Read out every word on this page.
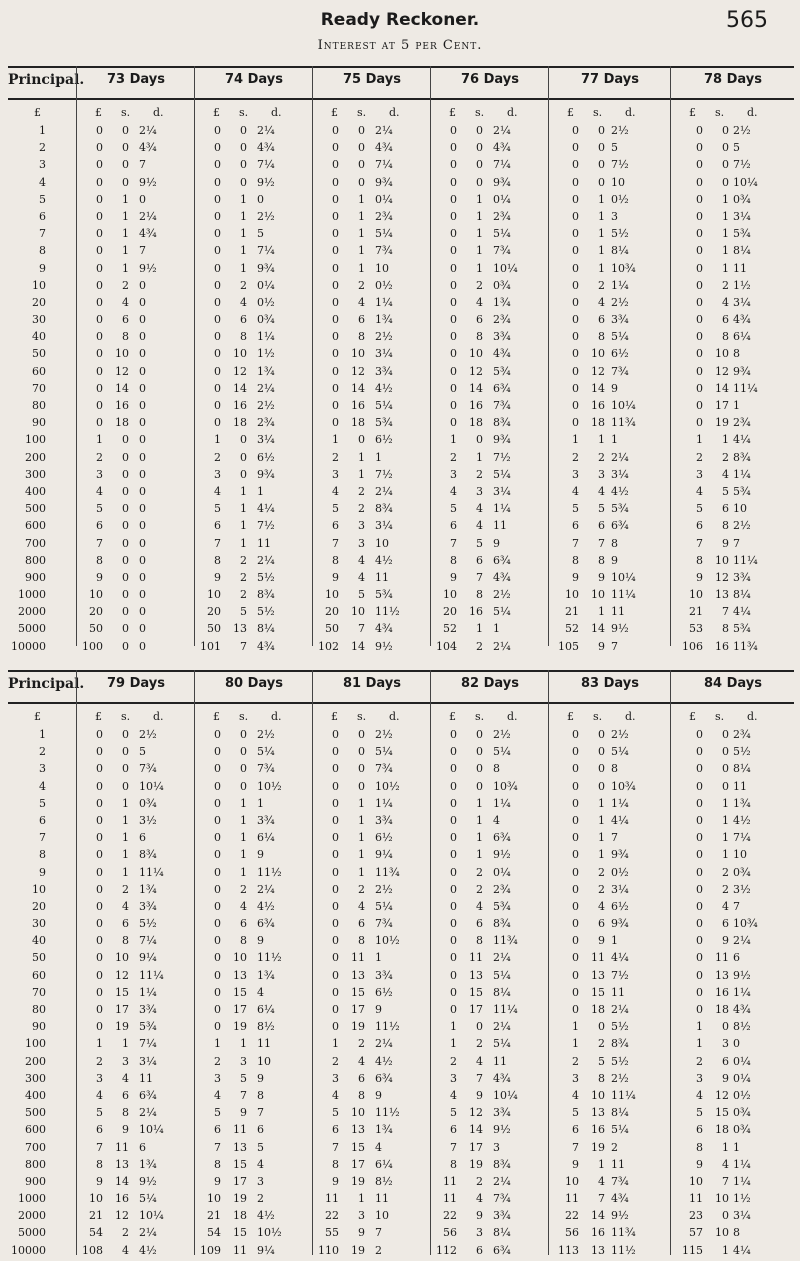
Ready Reckoner.	565
Interest at 5 per Cent.
Principal.
£
1
2
3
4
5
6
7
8
9
10
20
30
40
50
60
70
80
90
100
200
300
400
500
600
700
800
900
1000
2000
5000
10000
73 Days
£ s. d.
0 0 2¼
0 0 4¾
0 0 7
0 0 9½
0 1 0
0 1 2¼
0 1 4¾
0 1 7
0 1 9½
0 2 0
0 4 0
0 6 0
0 8 0
0 10 0
0 12 0
0 14 0
0 16 0
0 18 0
1 0 0
2 0 0
3 0 0
4 0 0
5 0 0
6 0 0
7 0 0
8 0 0
9 0 0
10 0 0
20 0 0
50 0 0
100 0 0
74 Days
£ s. d.
0 0 2¼
0 0 4¾
0 0 7¼
0 0 9½
0 1 0
0 1 2½
0 1 5
0 1 7¼
0 1 9¾
0 2 0¼
0 4 0½
0 6 0¾
0 8 1¼
0 10 1½
0 12 1¾
0 14 2¼
0 16 2½
0 18 2¾
1 0 3¼
2 0 6½
3 0 9¾
4 1 1
5 1 4¼
6 1 7½
7 1 11
8 2 2¼
9 2 5½
10 2 8¾
20 5 5½
50 13 8¼
101 7 4¾
75 Days
£ s. d.
0 0 2¼
0 0 4¾
0 0 7¼
0 0 9¾
0 1 0¼
0 1 2¾
0 1 5¼
0 1 7¾
0 1 10
0 2 0½
0 4 1¼
0 6 1¾
0 8 2½
0 10 3¼
0 12 3¾
0 14 4½
0 16 5¼
0 18 5¾
1 0 6½
2 1 1
3 1 7½
4 2 2¼
5 2 8¾
6 3 3¼
7 3 10
8 4 4½
9 4 11
10 5 5¾
20 10 11½
50 7 4¾
102 14 9½
76 Days
£ s. d.
0 0 2¼
0 0 4¾
0 0 7¼
0 0 9¾
0 1 0¼
0 1 2¾
0 1 5¼
0 1 7¾
0 1 10¼
0 2 0¾
0 4 1¾
0 6 2¾
0 8 3¾
0 10 4¾
0 12 5¾
0 14 6¾
0 16 7¾
0 18 8¾
1 0 9¾
2 1 7½
3 2 5¼
4 3 3¼
5 4 1¼
6 4 11
7 5 9
8 6 6¾
9 7 4¾
10 8 2½
20 16 5¼
52 1 1
104 2 2¼
77 Days
£ s. d.
0 0 2½
0 0 5
0 0 7½
0 0 10
0 1 0½
0 1 3
0 1 5½
0 1 8¼
0 1 10¾
0 2 1¼
0 4 2½
0 6 3¾
0 8 5¼
0 10 6½
0 12 7¾
0 14 9
0 16 10¼
0 18 11¾
1 1 1
2 2 2¼
3 3 3¼
4 4 4½
5 5 5¾
6 6 6¾
7 7 8
8 8 9
9 9 10¼
10 10 11¼
21 1 11
52 14 9½
105 9 7
78 Days
£ s. d.
0 0 2½
0 0 5
0 0 7½
0 0 10¼
0 1 0¾
0 1 3¼
0 1 5¾
0 1 8¼
0 1 11
0 2 1½
0 4 3¼
0 6 4¾
0 8 6¼
0 10 8
0 12 9¾
0 14 11¼
0 17 1
0 19 2¾
1 1 4¼
2 2 8¾
3 4 1¼
4 5 5¾
5 6 10
6 8 2½
7 9 7
8 10 11¼
9 12 3¾
10 13 8¼
21 7 4¼
53 8 5¾
106 16 11¾
Principal.
£
1
2
3
4
5
6
7
8
9
10
20
30
40
50
60
70
80
90
100
200
300
400
500
600
700
800
900
1000
2000
5000
10000
79 Days
£ s. d.
0 0 2½
0 0 5
0 0 7¾
0 0 10¼
0 1 0¾
0 1 3½
0 1 6
0 1 8¾
0 1 11¼
0 2 1¾
0 4 3¾
0 6 5½
0 8 7¼
0 10 9¼
0 12 11¼
0 15 1¼
0 17 3¾
0 19 5¾
1 1 7¼
2 3 3¼
3 4 11
4 6 6¾
5 8 2¼
6 9 10¼
7 11 6
8 13 1¾
9 14 9½
10 16 5¼
21 12 10¼
54 2 2¼
108 4 4½
80 Days
£ s. d.
0 0 2½
0 0 5¼
0 0 7¾
0 0 10½
0 1 1
0 1 3¾
0 1 6¼
0 1 9
0 1 11½
0 2 2¼
0 4 4½
0 6 6¾
0 8 9
0 10 11½
0 13 1¾
0 15 4
0 17 6¼
0 19 8½
1 1 11
2 3 10
3 5 9
4 7 8
5 9 7
6 11 6
7 13 5
8 15 4
9 17 3
10 19 2
21 18 4½
54 15 10½
109 11 9¼
81 Days
£ s. d.
0 0 2½
0 0 5¼
0 0 7¾
0 0 10½
0 1 1¼
0 1 3¾
0 1 6½
0 1 9¼
0 1 11¾
0 2 2½
0 4 5¼
0 6 7¾
0 8 10½
0 11 1
0 13 3¾
0 15 6½
0 17 9
0 19 11½
1 2 2¼
2 4 4½
3 6 6¾
4 8 9
5 10 11½
6 13 1¾
7 15 4
8 17 6¼
9 19 8½
11 1 11
22 3 10
55 9 7
110 19 2
82 Days
£ s. d.
0 0 2½
0 0 5¼
0 0 8
0 0 10¾
0 1 1¼
0 1 4
0 1 6¾
0 1 9½
0 2 0¼
0 2 2¾
0 4 5¾
0 6 8¾
0 8 11¾
0 11 2¼
0 13 5¼
0 15 8¼
0 17 11¼
1 0 2¼
1 2 5¼
2 4 11
3 7 4¾
4 9 10¼
5 12 3¾
6 14 9½
7 17 3
8 19 8¾
11 2 2¼
11 4 7¾
22 9 3¾
56 3 8¼
112 6 6¾
83 Days
£ s. d.
0 0 2½
0 0 5¼
0 0 8
0 0 10¾
0 1 1¼
0 1 4¼
0 1 7
0 1 9¾
0 2 0½
0 2 3¼
0 4 6½
0 6 9¾
0 9 1
0 11 4¼
0 13 7½
0 15 11
0 18 2¼
1 0 5½
1 2 8¾
2 5 5½
3 8 2½
4 10 11¼
5 13 8¼
6 16 5¼
7 19 2
9 1 11
10 4 7¾
11 7 4¾
22 14 9½
56 16 11¾
113 13 11½
84 Days
£ s. d.
0 0 2¾
0 0 5½
0 0 8¼
0 0 11
0 1 1¾
0 1 4½
0 1 7¼
0 1 10
0 2 0¾
0 2 3½
0 4 7
0 6 10¾
0 9 2¼
0 11 6
0 13 9½
0 16 1¼
0 18 4¾
1 0 8½
1 3 0
2 6 0¼
3 9 0¼
4 12 0½
5 15 0¾
6 18 0¾
8 1 1
9 4 1¼
10 7 1¼
11 10 1½
23 0 3¼
57 10 8
115 1 4¼
